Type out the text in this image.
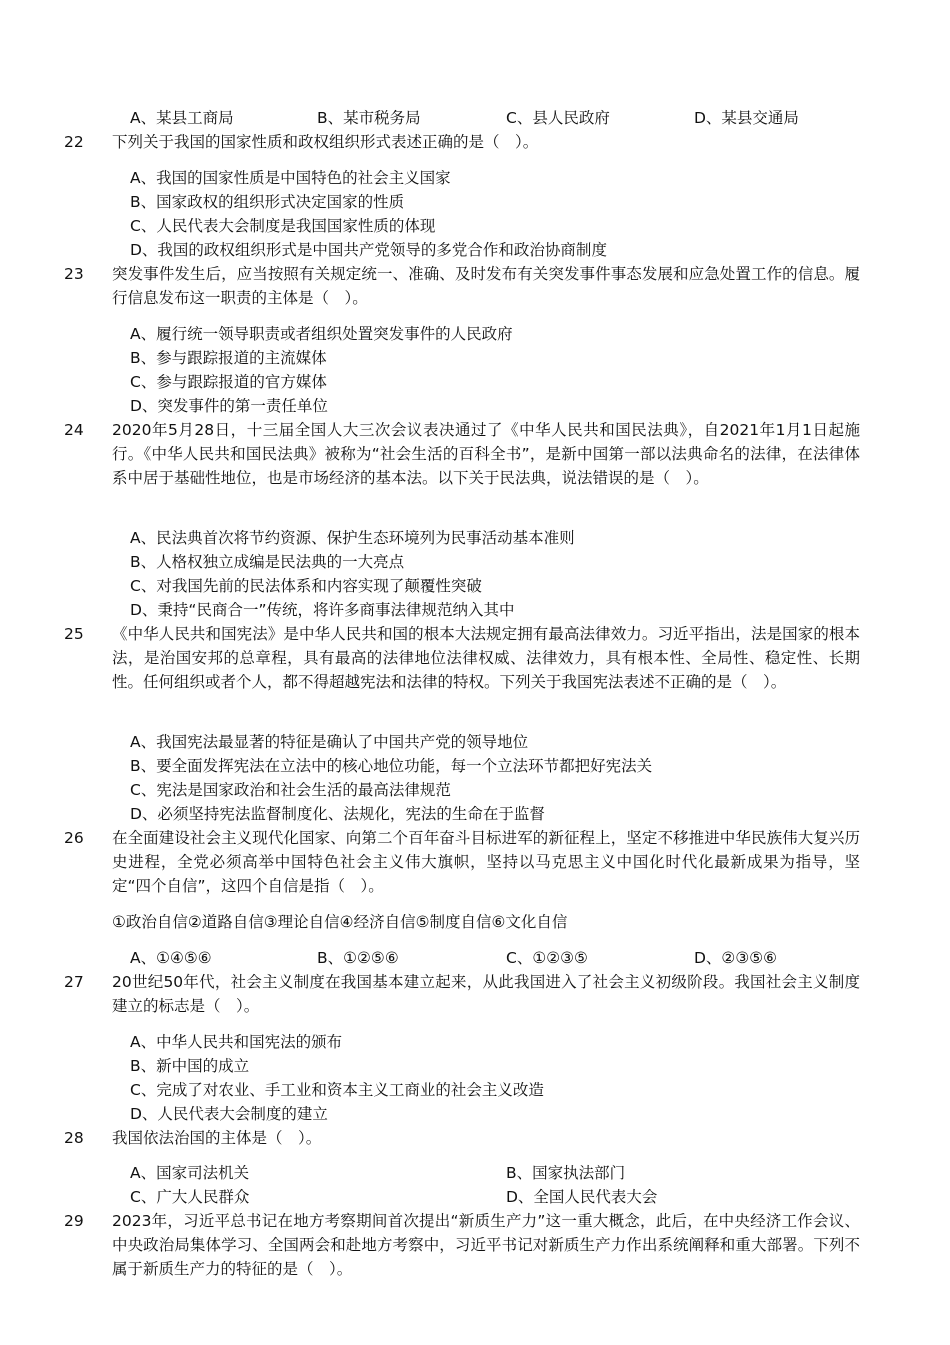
A、某县工商局	B、某市税务局	C、县人民政府	D、某县交通局
22 下列关于我国的国家性质和政权组织形式表述正确的是（　）。
A、我国的国家性质是中国特色的社会主义国家
B、国家政权的组织形式决定国家的性质
C、人民代表大会制度是我国国家性质的体现
D、我国的政权组织形式是中国共产党领导的多党合作和政治协商制度
23 突发事件发生后，应当按照有关规定统一、准确、及时发布有关突发事件事态发展和应急处置工作的信息。履行信息发布这一职责的主体是（　）。
A、履行统一领导职责或者组织处置突发事件的人民政府
B、参与跟踪报道的主流媒体
C、参与跟踪报道的官方媒体
D、突发事件的第一责任单位
24 2020年5月28日，十三届全国人大三次会议表决通过了《中华人民共和国民法典》，自2021年1月1日起施行。《中华人民共和国民法典》被称为“社会生活的百科全书”，是新中国第一部以法典命名的法律，在法律体系中居于基础性地位，也是市场经济的基本法。以下关于民法典，说法错误的是（　）。
A、民法典首次将节约资源、保护生态环境列为民事活动基本准则
B、人格权独立成编是民法典的一大亮点
C、对我国先前的民法体系和内容实现了颠覆性突破
D、秉持“民商合一”传统，将许多商事法律规范纳入其中
25 《中华人民共和国宪法》是中华人民共和国的根本大法规定拥有最高法律效力。习近平指出，法是国家的根本法，是治国安邦的总章程，具有最高的法律地位法律权威、法律效力，具有根本性、全局性、稳定性、长期性。任何组织或者个人，都不得超越宪法和法律的特权。下列关于我国宪法表述不正确的是（　）。
A、我国宪法最显著的特征是确认了中国共产党的领导地位
B、要全面发挥宪法在立法中的核心地位功能，每一个立法环节都把好宪法关
C、宪法是国家政治和社会生活的最高法律规范
D、必须坚持宪法监督制度化、法规化，宪法的生命在于监督
26 在全面建设社会主义现代化国家、向第二个百年奋斗目标进军的新征程上，坚定不移推进中华民族伟大复兴历史进程，全党必须高举中国特色社会主义伟大旗帜，坚持以马克思主义中国化时代化最新成果为指导，坚定“四个自信”，这四个自信是指（　）。
①政治自信②道路自信③理论自信④经济自信⑤制度自信⑥文化自信
A、①④⑤⑥	B、①②⑤⑥	C、①②③⑤	D、②③⑤⑥
27 20世纪50年代，社会主义制度在我国基本建立起来，从此我国进入了社会主义初级阶段。我国社会主义制度建立的标志是（　）。
A、中华人民共和国宪法的颁布
B、新中国的成立
C、完成了对农业、手工业和资本主义工商业的社会主义改造
D、人民代表大会制度的建立
28 我国依法治国的主体是（　）。
A、国家司法机关	B、国家执法部门
C、广大人民群众	D、全国人民代表大会
29 2023年，习近平总书记在地方考察期间首次提出“新质生产力”这一重大概念，此后，在中央经济工作会议、中央政治局集体学习、全国两会和赴地方考察中，习近平书记对新质生产力作出系统阐释和重大部署。下列不属于新质生产力的特征的是（　）。
